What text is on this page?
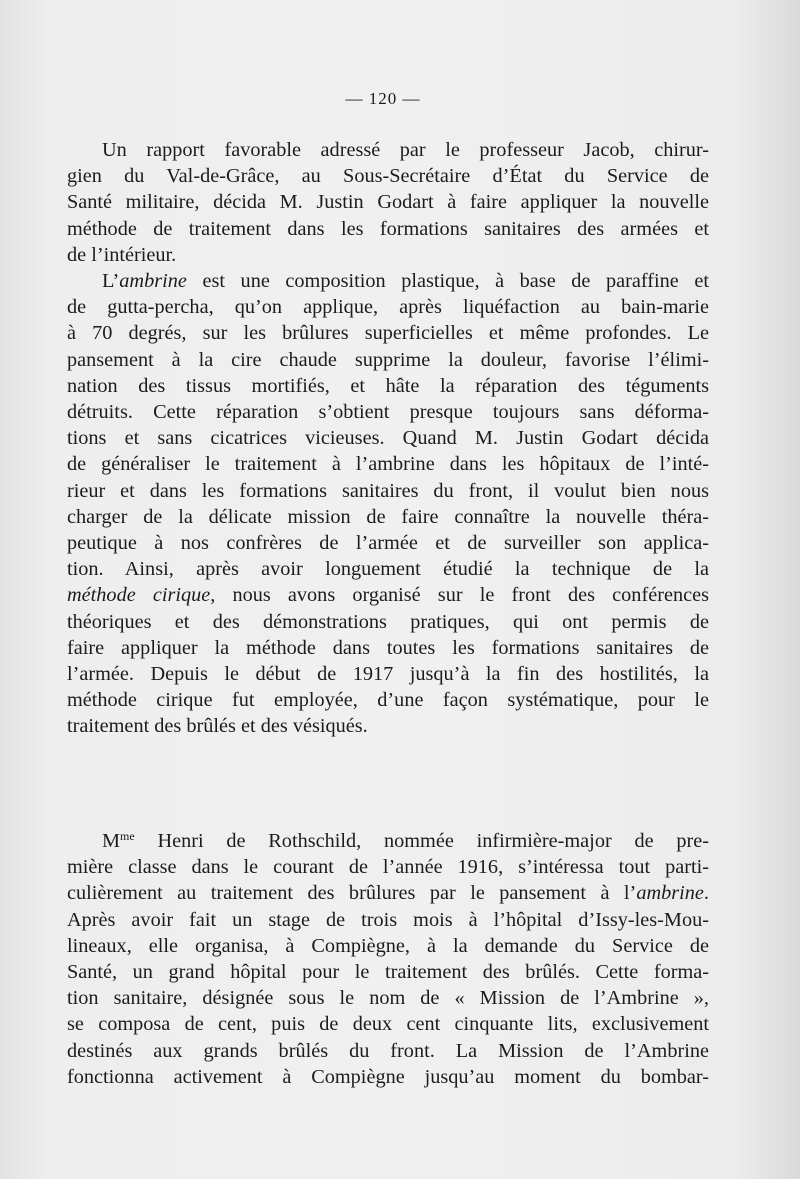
— 120 —
Un rapport favorable adressé par le professeur Jacob, chirur-
gien du Val-de-Grâce, au Sous-Secrétaire d’État du Service de
Santé militaire, décida M. Justin Godart à faire appliquer la nouvelle
méthode de traitement dans les formations sanitaires des armées et
de l’intérieur.
L’ambrine est une composition plastique, à base de paraffine et
de gutta-percha, qu’on applique, après liquéfaction au bain-marie
à 70 degrés, sur les brûlures superficielles et même profondes. Le
pansement à la cire chaude supprime la douleur, favorise l’élimi-
nation des tissus mortifiés, et hâte la réparation des téguments
détruits. Cette réparation s’obtient presque toujours sans déforma-
tions et sans cicatrices vicieuses. Quand M. Justin Godart décida
de généraliser le traitement à l’ambrine dans les hôpitaux de l’inté-
rieur et dans les formations sanitaires du front, il voulut bien nous
charger de la délicate mission de faire connaître la nouvelle théra-
peutique à nos confrères de l’armée et de surveiller son applica-
tion. Ainsi, après avoir longuement étudié la technique de la
méthode cirique, nous avons organisé sur le front des conférences
théoriques et des démonstrations pratiques, qui ont permis de
faire appliquer la méthode dans toutes les formations sanitaires de
l’armée. Depuis le début de 1917 jusqu’à la fin des hostilités, la
méthode cirique fut employée, d’une façon systématique, pour le
traitement des brûlés et des vésiqués.
$M^{me}$ Henri de Rothschild, nommée infirmière-major de pre-
mière classe dans le courant de l’année 1916, s’intéressa tout parti-
culièrement au traitement des brûlures par le pansement à l’ambrine.
Après avoir fait un stage de trois mois à l’hôpital d’Issy-les-Mou-
lineaux, elle organisa, à Compiègne, à la demande du Service de
Santé, un grand hôpital pour le traitement des brûlés. Cette forma-
tion sanitaire, désignée sous le nom de « Mission de l’Ambrine »,
se composa de cent, puis de deux cent cinquante lits, exclusivement
destinés aux grands brûlés du front. La Mission de l’Ambrine
fonctionna activement à Compiègne jusqu’au moment du bombar-
